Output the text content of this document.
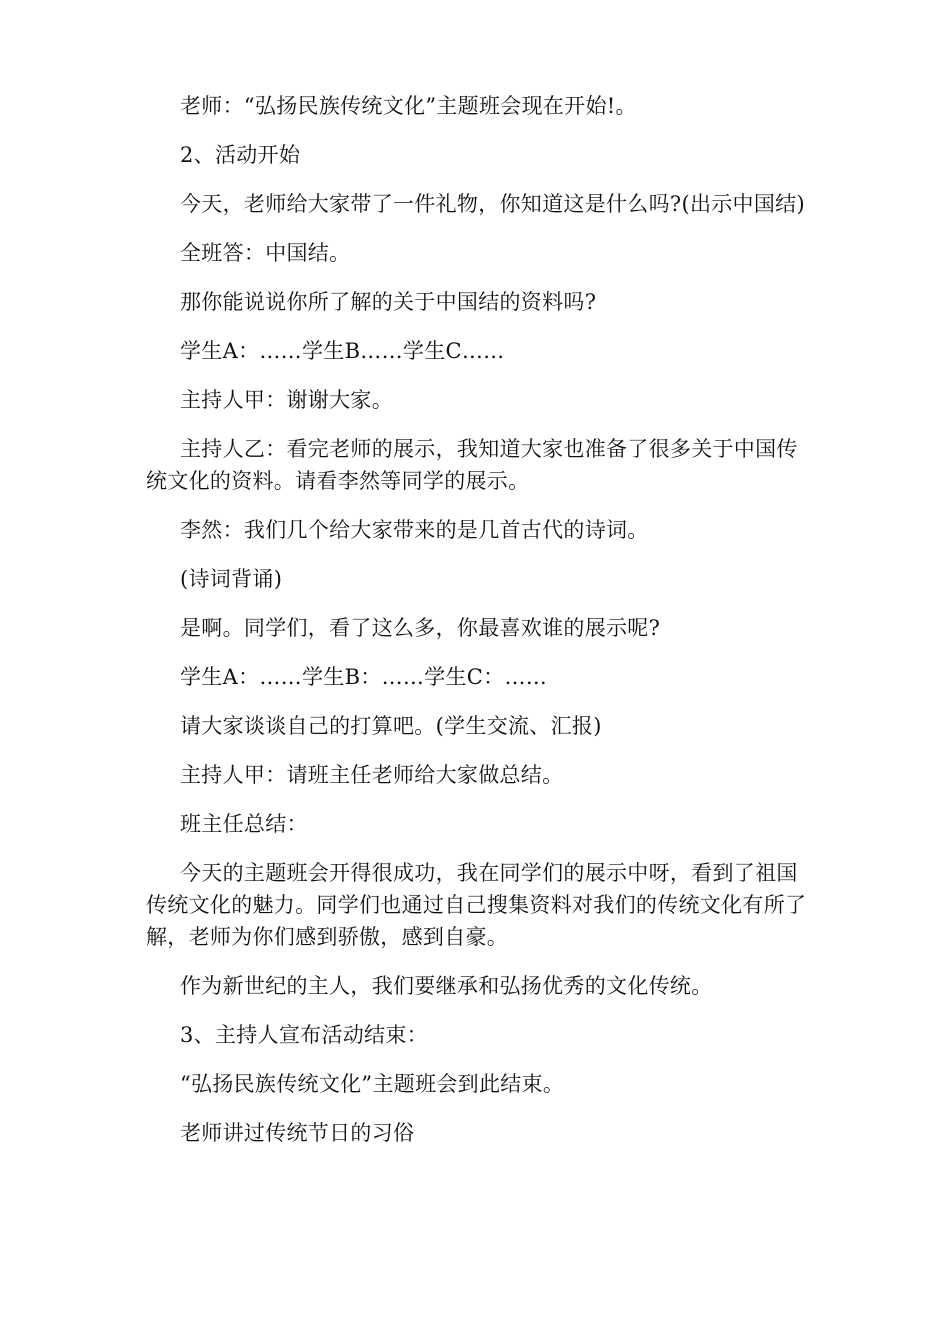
老师：“弘扬民族传统文化”主题班会现在开始!。

2、活动开始

今天，老师给大家带了一件礼物，你知道这是什么吗?(出示中国结)

全班答：中国结。

那你能说说你所了解的关于中国结的资料吗?

学生A：……学生B……学生C……

主持人甲：谢谢大家。

主持人乙：看完老师的展示，我知道大家也准备了很多关于中国传统文化的资料。请看李然等同学的展示。

李然：我们几个给大家带来的是几首古代的诗词。

(诗词背诵)

是啊。同学们，看了这么多，你最喜欢谁的展示呢?

学生A：……学生B：……学生C：……

请大家谈谈自己的打算吧。(学生交流、汇报)

主持人甲：请班主任老师给大家做总结。

班主任总结：

今天的主题班会开得很成功，我在同学们的展示中呀，看到了祖国传统文化的魅力。同学们也通过自己搜集资料对我们的传统文化有所了解，老师为你们感到骄傲，感到自豪。

作为新世纪的主人，我们要继承和弘扬优秀的文化传统。

3、主持人宣布活动结束：

“弘扬民族传统文化”主题班会到此结束。

老师讲过传统节日的习俗
